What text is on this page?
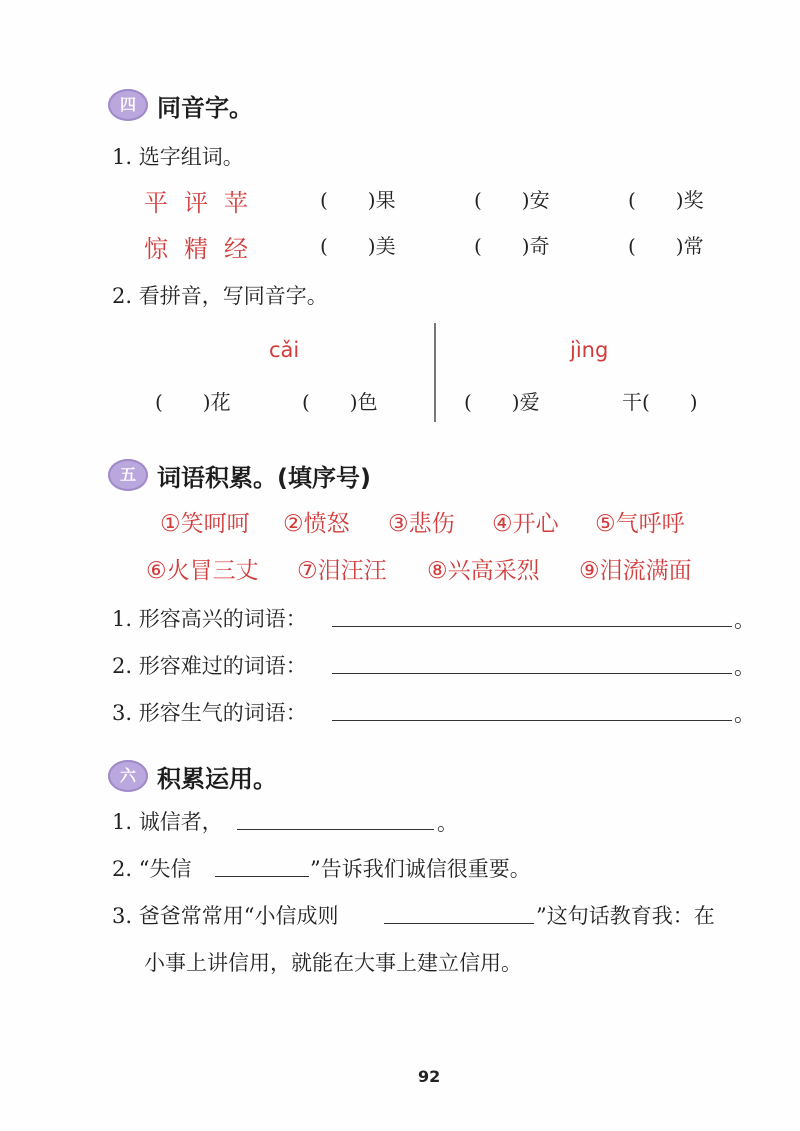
四 同音字。
1. 选字组词。
平评苹	(　　)果	(　　)安	(　　)奖
惊精经	(　　)美	(　　)奇	(　　)常
2. 看拼音，写同音字。
cǎi
(　　)花	(　　)色
jìng
(　　)爱	干(　　)
五 词语积累。(填序号)
①笑呵呵 ②愤怒 ③悲伤 ④开心 ⑤气呼呼
⑥火冒三丈 ⑦泪汪汪 ⑧兴高采烈 ⑨泪流满面
1. 形容高兴的词语：	。
2. 形容难过的词语：	。
3. 形容生气的词语：	。
六 积累运用。
1. 诚信者，	。
2. “失信	”告诉我们诚信很重要。
3. 爸爸常常用“小信成则	”这句话教育我：在
小事上讲信用，就能在大事上建立信用。
92
